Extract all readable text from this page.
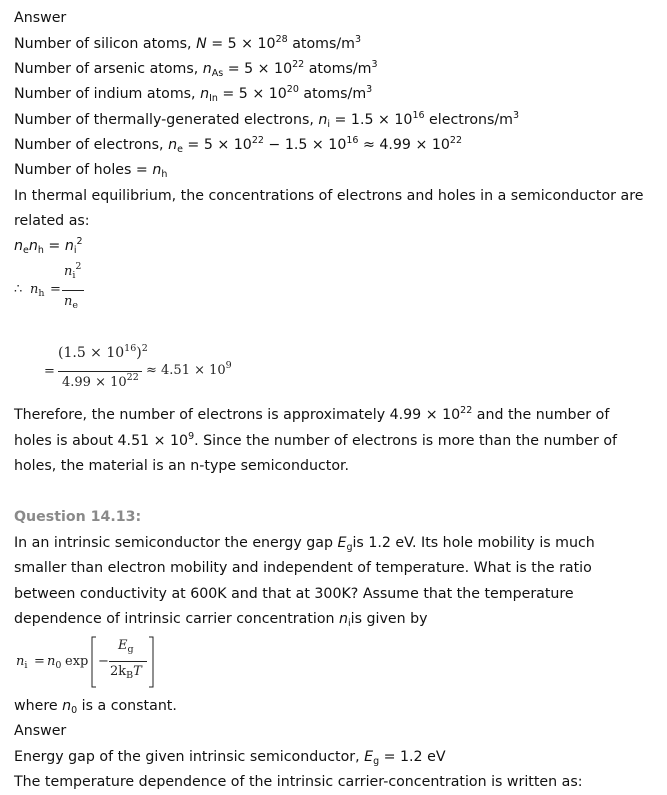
Answer
Number of silicon atoms, $N = 5 \times 10^{28}$ atoms/$m^3$
Number of arsenic atoms, $n_{As} = 5 \times 10^{22}$ atoms/$m^3$
Number of indium atoms, $n_{In} = 5 \times 10^{20}$ atoms/$m^3$
Number of thermally-generated electrons, $n_i = 1.5 \times 10^{16}$ electrons/$m^3$
Number of electrons, $n_e = 5 \times 10^{22} - 1.5 \times 10^{16} \approx 4.99 \times 10^{22}$
Number of holes = $n_h$
In thermal equilibrium, the concentrations of electrons and holes in a semiconductor are
related as:
$n_en_h = n_i^2$
∴ $n_h$ =
$n_i^2$
$n_e$
=
$(1.5 \times 10^{16})^2$
$4.99 \times 10^{22} \approx 4.51 \times 10^9$
Therefore, the number of electrons is approximately $4.99 \times 10^{22}$ and the number of
holes is about $4.51 \times 10^9$. Since the number of electrons is more than the number of
holes, the material is an n-type semiconductor.
Question 14.13:
In an intrinsic semiconductor the energy gap $E_gis$ 1.2 eV. Its hole mobility is much
smaller than electron mobility and independent of temperature. What is the ratio
between conductivity at 600K and that at 300K? Assume that the temperature
dependence of intrinsic carrier concentration $n_iis$ given by
$n_i = n_0$ exp −
$E_g$
$2k_BT$
where $n_0$ is a constant.
Answer
Energy gap of the given intrinsic semiconductor, $E_g = 1.2$ eV
The temperature dependence of the intrinsic carrier-concentration is written as:
